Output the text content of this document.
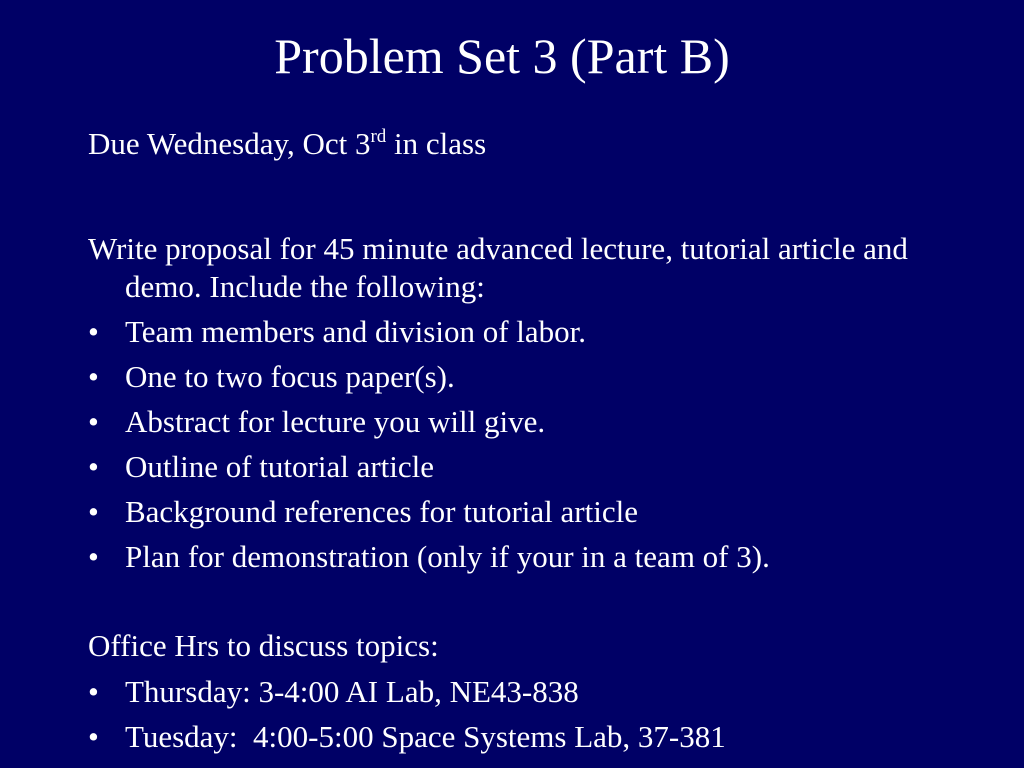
Problem Set 3 (Part B)

Due Wednesday, Oct 3rd in class

Write proposal for 45 minute advanced lecture, tutorial article and demo. Include the following:

• Team members and division of labor.
• One to two focus paper(s).
• Abstract for lecture you will give.
• Outline of tutorial article
• Background references for tutorial article
• Plan for demonstration (only if your in a team of 3).

Office Hrs to discuss topics:

• Thursday: 3-4:00 AI Lab, NE43-838
• Tuesday:  4:00-5:00 Space Systems Lab, 37-381
